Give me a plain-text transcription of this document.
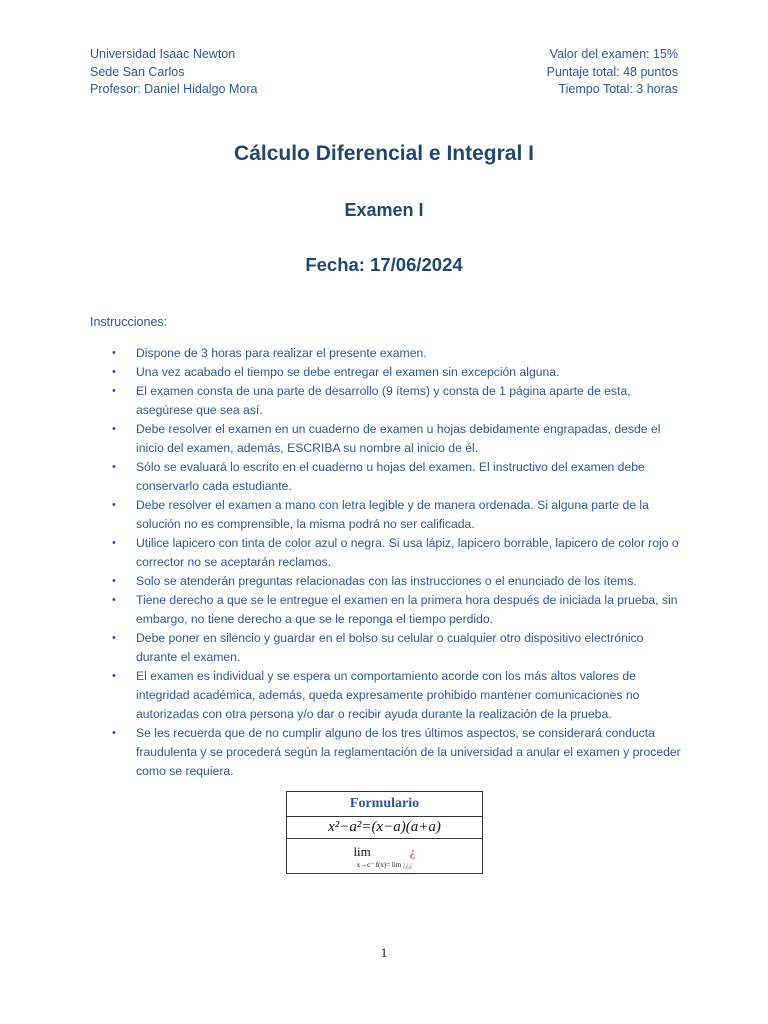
Universidad Isaac Newton
Sede San Carlos
Profesor: Daniel Hidalgo Mora
Valor del examen: 15%
Puntaje total: 48 puntos
Tiempo Total: 3 horas
Cálculo Diferencial e Integral I
Examen I
Fecha: 17/06/2024
Instrucciones:
• Dispone de 3 horas para realizar el presente examen.
• Una vez acabado el tiempo se debe entregar el examen sin excepción alguna.
• El examen consta de una parte de desarrollo (9 ítems) y consta de 1 página aparte de esta, asegúrese que sea así.
• Debe resolver el examen en un cuaderno de examen u hojas debidamente engrapadas, desde el inicio del examen, además, ESCRIBA su nombre al inicio de él.
• Sólo se evaluará lo escrito en el cuaderno u hojas del examen. El instructivo del examen debe conservarlo cada estudiante.
• Debe resolver el examen a mano con letra legible y de manera ordenada. Si alguna parte de la solución no es comprensible, la misma podrá no ser calificada.
• Utilice lapicero con tinta de color azul o negra. Si usa lápiz, lapicero borrable, lapicero de color rojo o corrector no se aceptarán reclamos.
• Solo se atenderán preguntas relacionadas con las instrucciones o el enunciado de los ítems.
• Tiene derecho a que se le entregue el examen en la primera hora después de iniciada la prueba, sin embargo, no tiene derecho a que se le reponga el tiempo perdido.
• Debe poner en silencio y guardar en el bolso su celular o cualquier otro dispositivo electrónico durante el examen.
• El examen es individual y se espera un comportamiento acorde con los más altos valores de integridad académica, además, queda expresamente prohibido mantener comunicaciones no autorizadas con otra persona y/o dar o recibir ayuda durante la realización de la prueba.
• Se les recuerda que de no cumplir alguno de los tres últimos aspectos, se considerará conducta fraudulenta y se procederá según la reglamentación de la universidad a anular el examen y proceder como se requiera.
Formulario
x²−a²=(x−a)(a+a)

lim	¿
x→c⁻ f(x)= lim ¿¿¿
1
